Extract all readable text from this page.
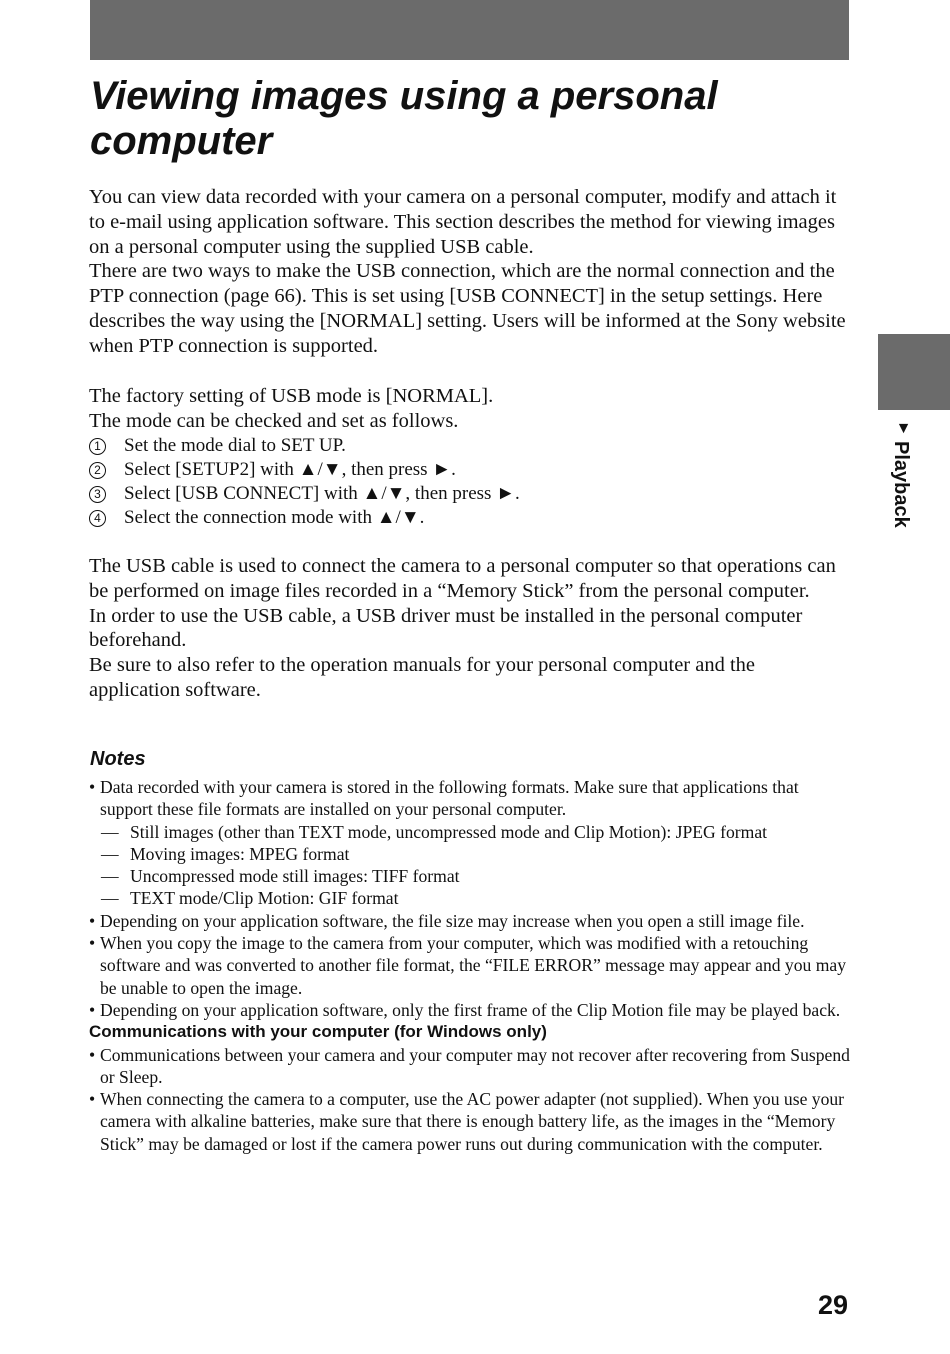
▼
Playback
Viewing images using a personal computer

You can view data recorded with your camera on a personal computer, modify and attach it to e-mail using application software. This section describes the method for viewing images on a personal computer using the supplied USB cable.

There are two ways to make the USB connection, which are the normal connection and the PTP connection (page 66). This is set using [USB CONNECT] in the setup settings. Here describes the way using the [NORMAL] setting. Users will be informed at the Sony website when PTP connection is supported.

The factory setting of USB mode is [NORMAL].

The mode can be checked and set as follows.

1 Set the mode dial to SET UP.
2 Select [SETUP2] with ▲/▼, then press ►.
3 Select [USB CONNECT] with ▲/▼, then press ►.
4 Select the connection mode with ▲/▼.

The USB cable is used to connect the camera to a personal computer so that operations can be performed on image files recorded in a “Memory Stick” from the personal computer.

In order to use the USB cable, a USB driver must be installed in the personal computer beforehand.

Be sure to also refer to the operation manuals for your personal computer and the application software.

Notes
• Data recorded with your camera is stored in the following formats. Make sure that applications that support these file formats are installed on your personal computer.
— Still images (other than TEXT mode, uncompressed mode and Clip Motion): JPEG format
— Moving images: MPEG format
— Uncompressed mode still images: TIFF format
— TEXT mode/Clip Motion: GIF format
• Depending on your application software, the file size may increase when you open a still image file.
• When you copy the image to the camera from your computer, which was modified with a retouching software and was converted to another file format, the “FILE ERROR” message may appear and you may be unable to open the image.
• Depending on your application software, only the first frame of the Clip Motion file may be played back.
Communications with your computer (for Windows only)
• Communications between your camera and your computer may not recover after recovering from Suspend or Sleep.
• When connecting the camera to a computer, use the AC power adapter (not supplied). When you use your camera with alkaline batteries, make sure that there is enough battery life, as the images in the “Memory Stick” may be damaged or lost if the camera power runs out during communication with the computer.
29
